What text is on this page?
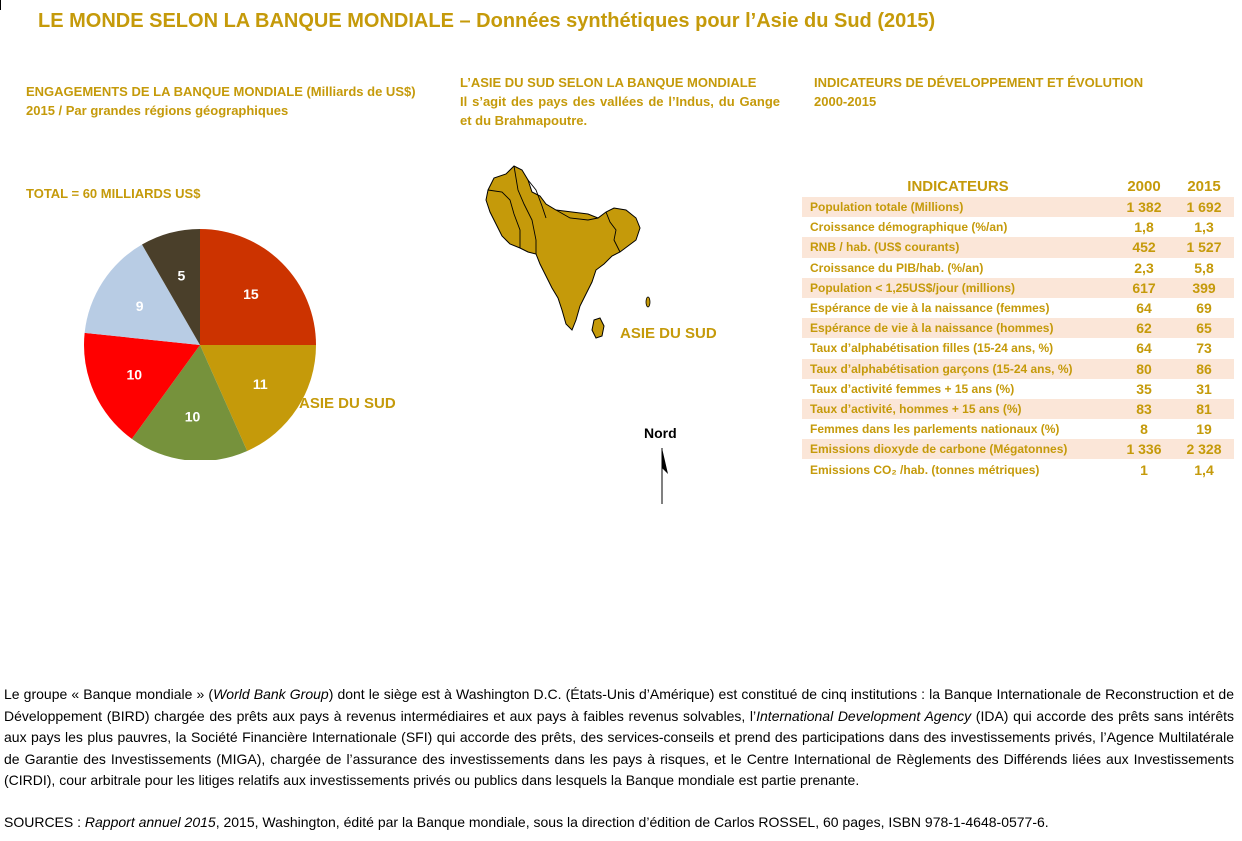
LE MONDE SELON LA BANQUE MONDIALE – Données synthétiques pour l’Asie du Sud (2015)
ENGAGEMENTS DE LA BANQUE MONDIALE (Milliards de US$)
2015 / Par grandes régions géographiques
TOTAL = 60 MILLIARDS US$
15
11
10
10
9
5
ASIE DU SUD
L’ASIE DU SUD SELON LA BANQUE MONDIALE
Il s’agit des pays des vallées de l’Indus, du Gange et du Brahmapoutre.
ASIE DU SUD
Nord
INDICATEURS DE DÉVELOPPEMENT ET ÉVOLUTION
2000-2015
INDICATEURS	2000	2015
Population totale (Millions)	1 382	1 692
Croissance démographique (%/an)	1,8	1,3
RNB / hab. (US$ courants)	452	1 527
Croissance du PIB/hab. (%/an)	2,3	5,8
Population < 1,25US$/jour (millions)	617	399
Espérance de vie à la naissance (femmes)	64	69
Espérance de vie à la naissance (hommes)	62	65
Taux d’alphabétisation filles (15-24 ans, %)	64	73
Taux d’alphabétisation garçons (15-24 ans, %)	80	86
Taux d’activité femmes + 15 ans (%)	35	31
Taux d’activité, hommes + 15 ans (%)	83	81
Femmes dans les parlements nationaux (%)	8	19
Emissions dioxyde de carbone (Mégatonnes)	1 336	2 328
Emissions CO₂ /hab. (tonnes métriques)	1	1,4
Le groupe « Banque mondiale » (World Bank Group) dont le siège est à Washington D.C. (États-Unis d’Amérique) est constitué de cinq institutions : la Banque Internationale de Reconstruction et de Développement (BIRD) chargée des prêts aux pays à revenus intermédiaires et aux pays à faibles revenus solvables, l’International Development Agency (IDA) qui accorde des prêts sans intérêts aux pays les plus pauvres, la Société Financière Internationale (SFI) qui accorde des prêts, des services-conseils et prend des participations dans des investissements privés, l’Agence Multilatérale de Garantie des Investissements (MIGA), chargée de l’assurance des investissements dans les pays à risques, et le Centre International de Règlements des Différends liées aux Investissements (CIRDI), cour arbitrale pour les litiges relatifs aux investissements privés ou publics dans lesquels la Banque mondiale est partie prenante.
SOURCES : Rapport annuel 2015, 2015, Washington, édité par la Banque mondiale, sous la direction d’édition de Carlos ROSSEL, 60 pages, ISBN 978-1-4648-0577-6.
